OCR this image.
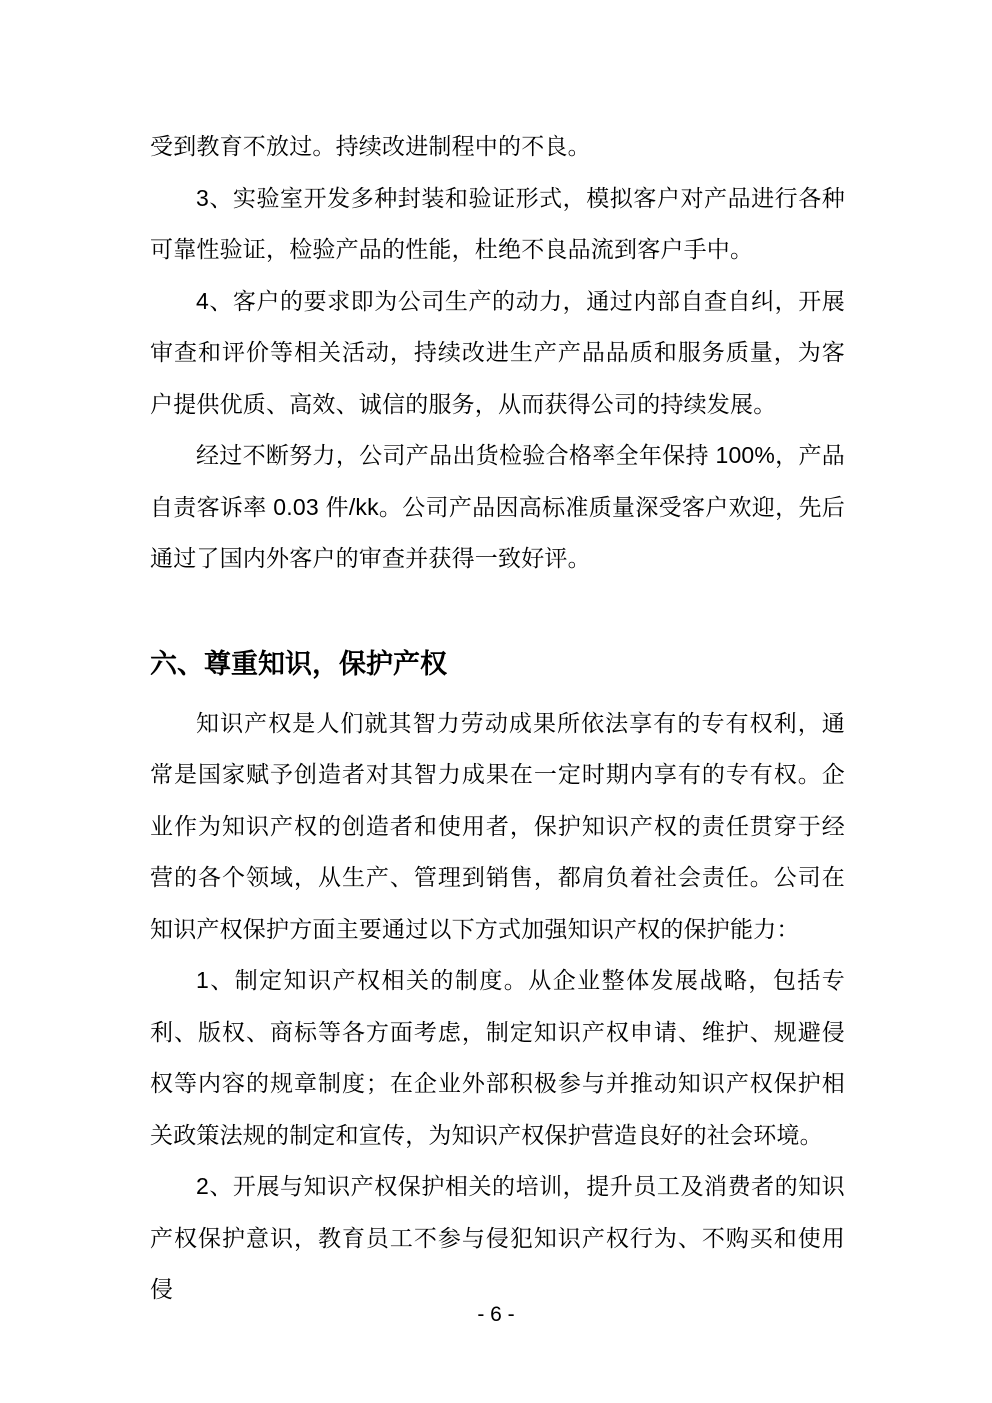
受到教育不放过。持续改进制程中的不良。

3、实验室开发多种封装和验证形式，模拟客户对产品进行各种可靠性验证，检验产品的性能，杜绝不良品流到客户手中。

4、客户的要求即为公司生产的动力，通过内部自查自纠，开展审查和评价等相关活动，持续改进生产产品品质和服务质量，为客户提供优质、高效、诚信的服务，从而获得公司的持续发展。

经过不断努力，公司产品出货检验合格率全年保持 100%，产品自责客诉率 0.03 件/kk。公司产品因高标准质量深受客户欢迎，先后通过了国内外客户的审查并获得一致好评。

六、尊重知识，保护产权

知识产权是人们就其智力劳动成果所依法享有的专有权利，通常是国家赋予创造者对其智力成果在一定时期内享有的专有权。企业作为知识产权的创造者和使用者，保护知识产权的责任贯穿于经营的各个领域，从生产、管理到销售，都肩负着社会责任。公司在知识产权保护方面主要通过以下方式加强知识产权的保护能力：

1、制定知识产权相关的制度。从企业整体发展战略，包括专利、版权、商标等各方面考虑，制定知识产权申请、维护、规避侵权等内容的规章制度；在企业外部积极参与并推动知识产权保护相关政策法规的制定和宣传，为知识产权保护营造良好的社会环境。

2、开展与知识产权保护相关的培训，提升员工及消费者的知识产权保护意识，教育员工不参与侵犯知识产权行为、不购买和使用侵

- 6 -
